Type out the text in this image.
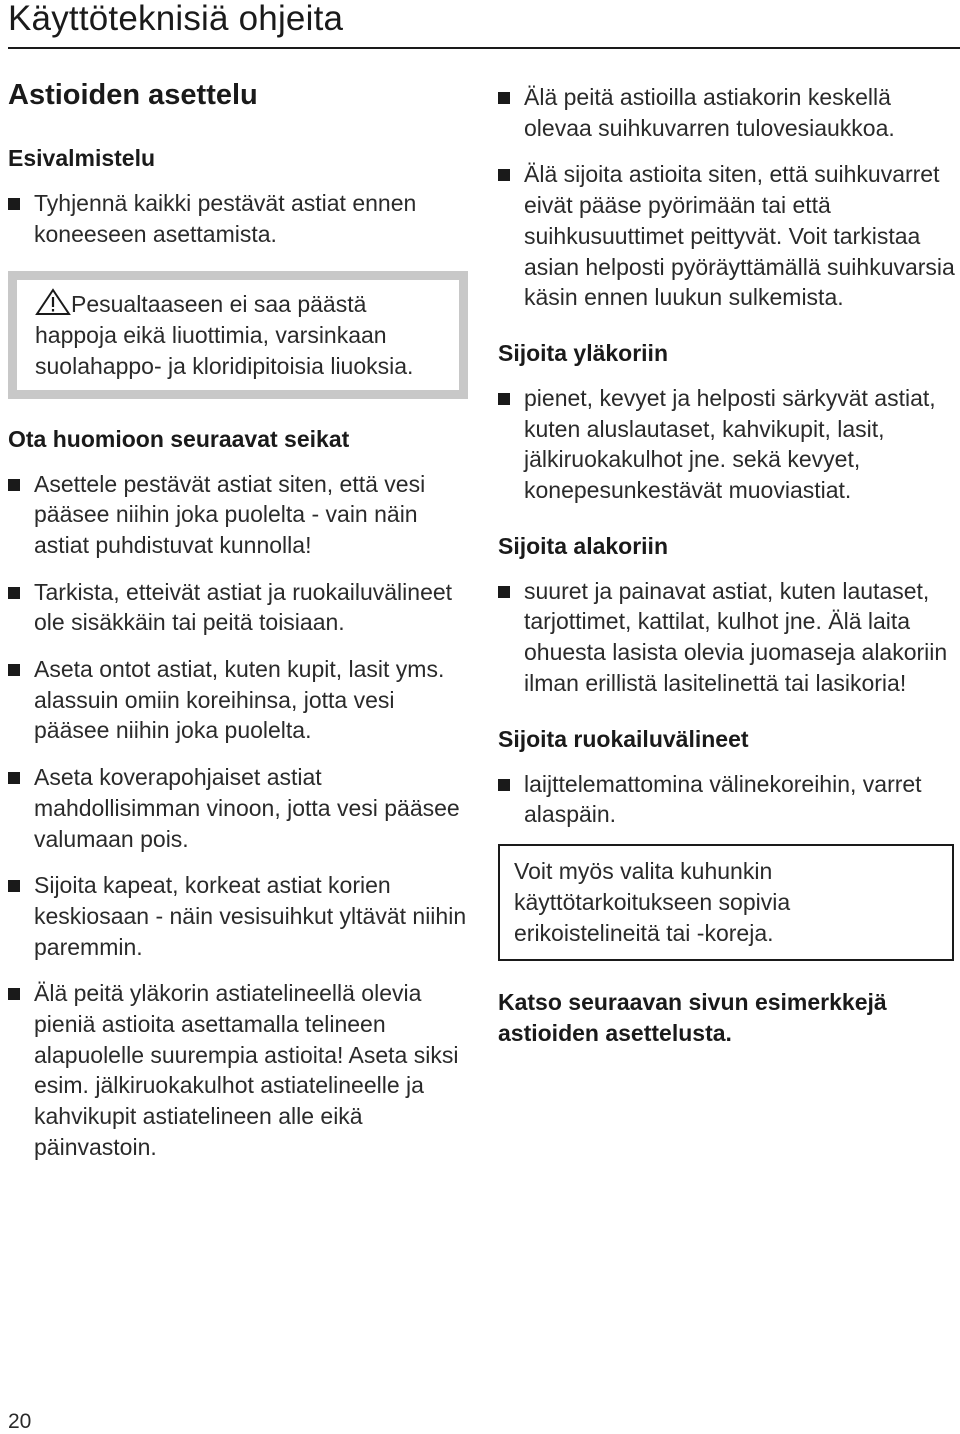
Käyttöteknisiä ohjeita
Astioiden asettelu
Esivalmistelu
Tyhjennä kaikki pestävät astiat ennen koneeseen asettamista.
Pesualtaaseen ei saa päästä happoja eikä liuottimia, varsinkaan suolahappo- ja kloridipitoisia liuoksia.
Ota huomioon seuraavat seikat
Asettele pestävät astiat siten, että vesi pääsee niihin joka puolelta - vain näin astiat puhdistuvat kunnolla!
Tarkista, etteivät astiat ja ruokailuvälineet ole sisäkkäin tai peitä toisiaan.
Aseta ontot astiat, kuten kupit, lasit yms. alassuin omiin koreihinsa, jotta vesi pääsee niihin joka puolelta.
Aseta koverapohjaiset astiat mahdollisimman vinoon, jotta vesi pääsee valumaan pois.
Sijoita kapeat, korkeat astiat korien keskiosaan - näin vesisuihkut yltävät niihin paremmin.
Älä peitä yläkorin astiatelineellä olevia pieniä astioita asettamalla telineen alapuolelle suurempia astioita! Aseta siksi esim. jälkiruokakulhot astiatelineelle ja kahvikupit astiatelineen alle eikä päinvastoin.
Älä peitä astioilla astiakorin keskellä olevaa suihkuvarren tulovesiaukkoa.
Älä sijoita astioita siten, että suihkuvarret eivät pääse pyörimään tai että suihkusuuttimet peittyvät. Voit tarkistaa asian helposti pyöräyttämällä suihkuvarsia käsin ennen luukun sulkemista.
Sijoita yläkoriin
pienet, kevyet ja helposti särkyvät astiat, kuten aluslautaset, kahvikupit, lasit, jälkiruokakulhot jne. sekä kevyet, konepesunkestävät muoviastiat.
Sijoita alakoriin
suuret ja painavat astiat, kuten lautaset, tarjottimet, kattilat, kulhot jne. Älä laita ohuesta lasista olevia juomaseja alakoriin ilman erillistä lasitelinettä tai lasikoria!
Sijoita ruokailuvälineet
laijttelemattomina välinekoreihin, varret alaspäin.
Voit myös valita kuhunkin käyttötarkoitukseen sopivia erikoistelineitä tai -koreja.
Katso seuraavan sivun esimerkkejä astioiden asettelusta.
20
